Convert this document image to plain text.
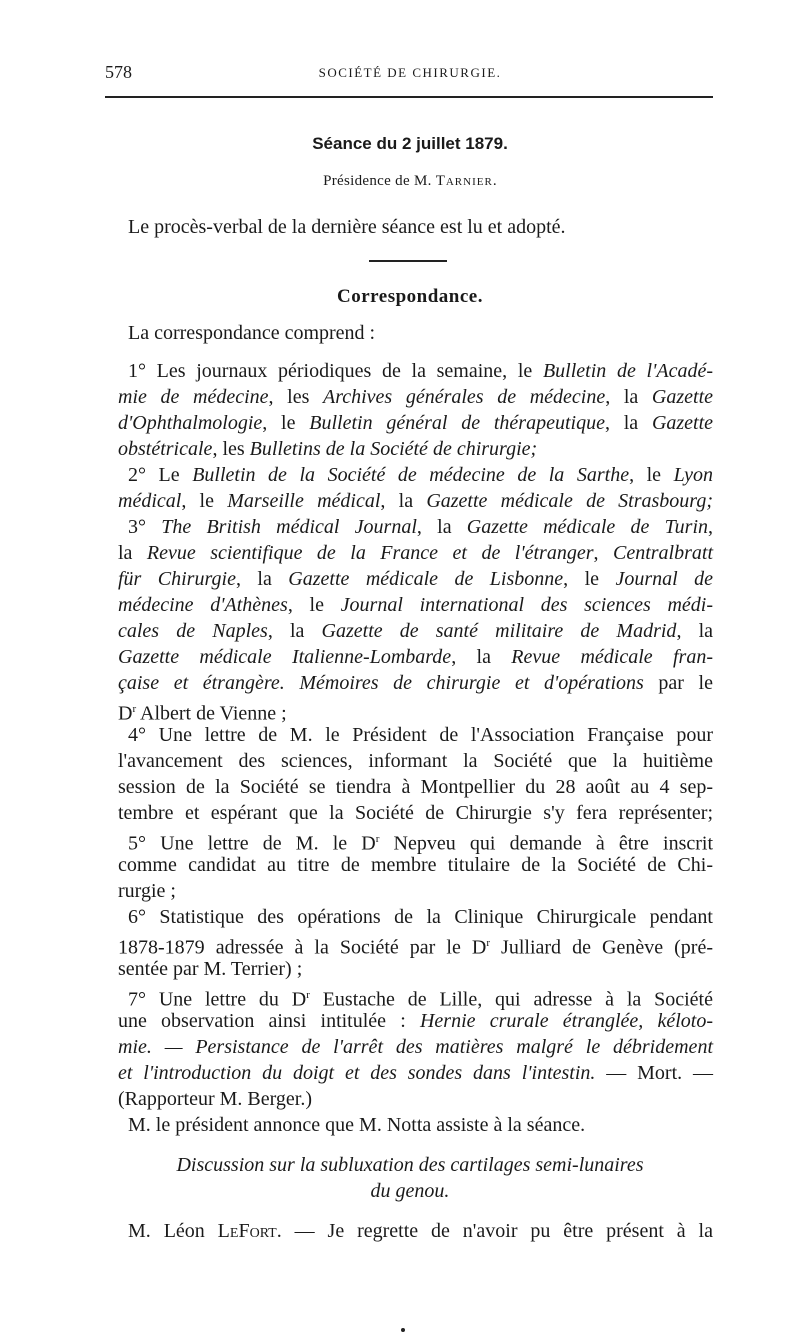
578	SOCIÉTÉ DE CHIRURGIE.
Séance du 2 juillet 1879.
Présidence de M. Tarnier.
Le procès-verbal de la dernière séance est lu et adopté.
Correspondance.
La correspondance comprend :
1° Les journaux périodiques de la semaine, le Bulletin de l'Acadé-
mie de médecine, les Archives générales de médecine, la Gazette
d'Ophthalmologie, le Bulletin général de thérapeutique, la Gazette
obstétricale, les Bulletins de la Société de chirurgie;
2° Le Bulletin de la Société de médecine de la Sarthe, le Lyon
médical, le Marseille médical, la Gazette médicale de Strasbourg;
3° The British médical Journal, la Gazette médicale de Turin,
la Revue scientifique de la France et de l'étranger, Centralbratt
für Chirurgie, la Gazette médicale de Lisbonne, le Journal de
médecine d'Athènes, le Journal international des sciences médi-
cales de Naples, la Gazette de santé militaire de Madrid, la
Gazette médicale Italienne-Lombarde, la Revue médicale fran-
çaise et étrangère. Mémoires de chirurgie et d'opérations par le
$D^r$ Albert de Vienne ;
4° Une lettre de M. le Président de l'Association Française pour
l'avancement des sciences, informant la Société que la huitième
session de la Société se tiendra à Montpellier du 28 août au 4 sep-
tembre et espérant que la Société de Chirurgie s'y fera représenter;
5° Une lettre de M. le $D^r$ Nepveu qui demande à être inscrit
comme candidat au titre de membre titulaire de la Société de Chi-
rurgie ;
6° Statistique des opérations de la Clinique Chirurgicale pendant
1878-1879 adressée à la Société par le $D^r$ Julliard de Genève (pré-
sentée par M. Terrier) ;
7° Une lettre du $D^r$ Eustache de Lille, qui adresse à la Société
une observation ainsi intitulée : Hernie crurale étranglée, kéloto-
mie. — Persistance de l'arrêt des matières malgré le débridement
et l'introduction du doigt et des sondes dans l'intestin. — Mort. —
(Rapporteur M. Berger.)
M. le président annonce que M. Notta assiste à la séance.
Discussion sur la subluxation des cartilages semi-lunaires
du genou.
M. Léon LeFort. — Je regrette de n'avoir pu être présent à la
